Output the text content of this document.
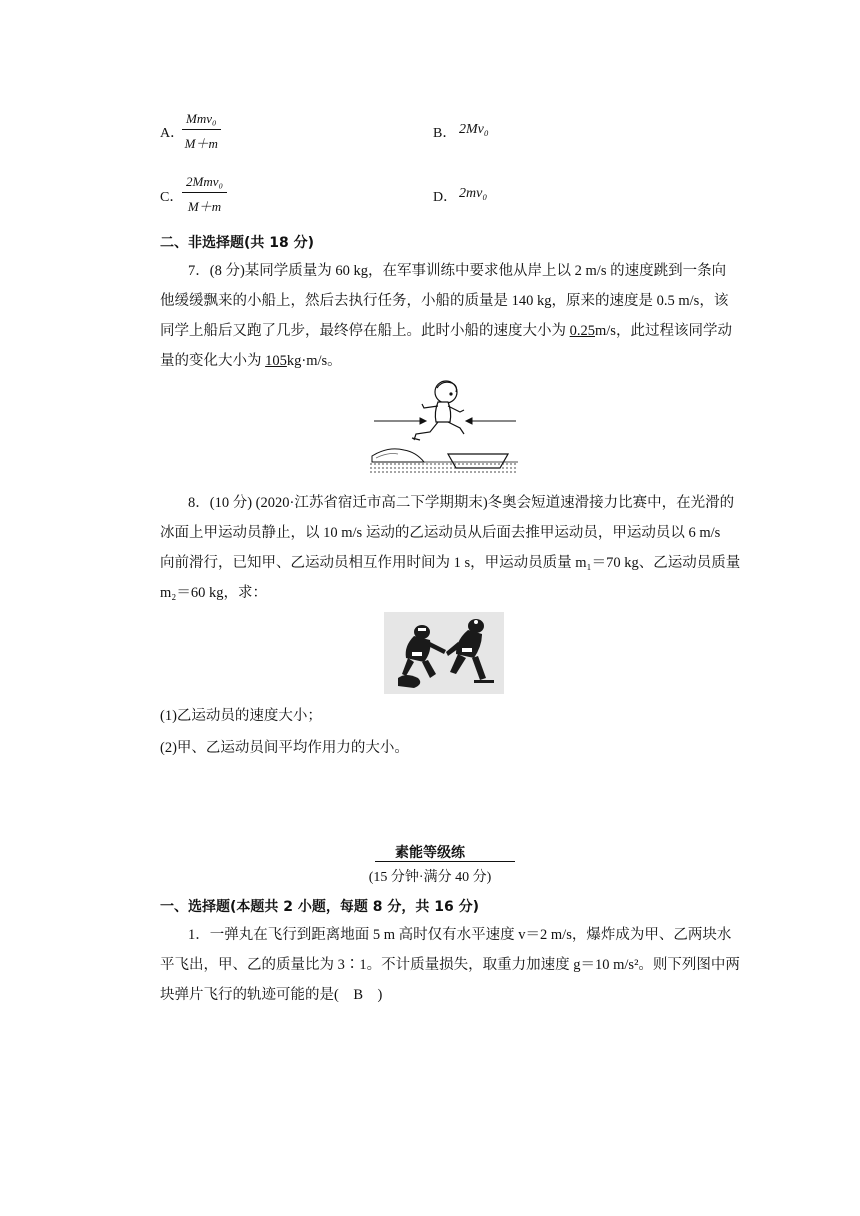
A．
Mmv₀
M＋m
B． 2Mv₀
C．
2Mmv₀
M＋m
D． 2mv₀
二、非选择题(共 18 分)
7．(8 分)某同学质量为 60 kg，在军事训练中要求他从岸上以 2 m/s 的速度跳到一条向
他缓缓飘来的小船上，然后去执行任务，小船的质量是 140 kg，原来的速度是 0.5 m/s，该
同学上船后又跑了几步，最终停在船上。此时小船的速度大小为 0.25m/s，此过程该同学动
量的变化大小为 105kg·m/s。
8．(10 分) (2020·江苏省宿迁市高二下学期期末)冬奥会短道速滑接力比赛中，在光滑的
冰面上甲运动员静止，以 10 m/s 运动的乙运动员从后面去推甲运动员，甲运动员以 6 m/s
向前滑行，已知甲、乙运动员相互作用时间为 1 s，甲运动员质量 m₁＝70 kg、乙运动员质量
m₂＝60 kg，求：
(1)乙运动员的速度大小；
(2)甲、乙运动员间平均作用力的大小。
素能等级练
(15 分钟·满分 40 分)
一、选择题(本题共 2 小题，每题 8 分，共 16 分)
1．一弹丸在飞行到距离地面 5 m 高时仅有水平速度 v＝2 m/s，爆炸成为甲、乙两块水
平飞出，甲、乙的质量比为 3∶1。不计质量损失，取重力加速度 g＝10 m/s²。则下列图中两
块弹片飞行的轨迹可能的是(　B　)
